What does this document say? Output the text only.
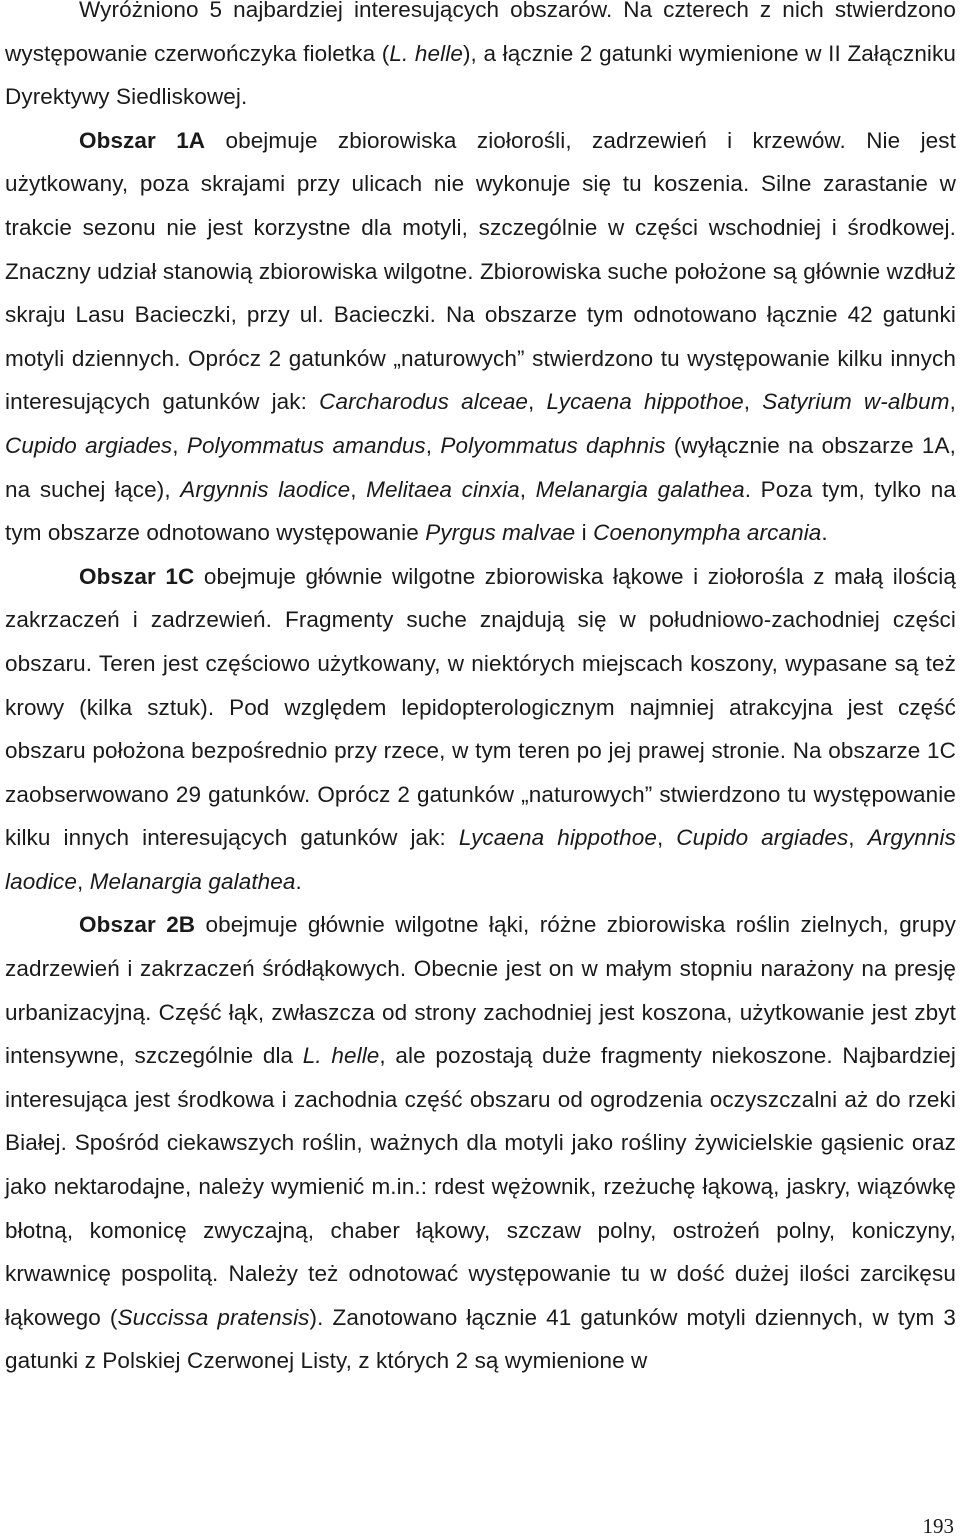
Wyróżniono 5 najbardziej interesujących obszarów. Na czterech z nich stwierdzono występowanie czerwończyka fioletka (L. helle), a łącznie 2 gatunki wymienione w II Załączniku Dyrektywy Siedliskowej.

Obszar 1A obejmuje zbiorowiska ziołorośli, zadrzewień i krzewów. Nie jest użytkowany, poza skrajami przy ulicach nie wykonuje się tu koszenia. Silne zarastanie w trakcie sezonu nie jest korzystne dla motyli, szczególnie w części wschodniej i środkowej. Znaczny udział stanowią zbiorowiska wilgotne. Zbiorowiska suche położone są głównie wzdłuż skraju Lasu Bacieczki, przy ul. Bacieczki. Na obszarze tym odnotowano łącznie 42 gatunki motyli dziennych. Oprócz 2 gatunków „naturowych” stwierdzono tu występowanie kilku innych interesujących gatunków jak: Carcharodus alceae, Lycaena hippothoe, Satyrium w-album, Cupido argiades, Polyommatus amandus, Polyommatus daphnis (wyłącznie na obszarze 1A, na suchej łące), Argynnis laodice, Melitaea cinxia, Melanargia galathea. Poza tym, tylko na tym obszarze odnotowano występowanie Pyrgus malvae i Coenonympha arcania.

Obszar 1C obejmuje głównie wilgotne zbiorowiska łąkowe i ziołorośla z małą ilością zakrzaczeń i zadrzewień. Fragmenty suche znajdują się w południowo-zachodniej części obszaru. Teren jest częściowo użytkowany, w niektórych miejscach koszony, wypasane są też krowy (kilka sztuk). Pod względem lepidopterologicznym najmniej atrakcyjna jest część obszaru położona bezpośrednio przy rzece, w tym teren po jej prawej stronie. Na obszarze 1C zaobserwowano 29 gatunków. Oprócz 2 gatunków „naturowych” stwierdzono tu występowanie kilku innych interesujących gatunków jak: Lycaena hippothoe, Cupido argiades, Argynnis laodice, Melanargia galathea.

Obszar 2B obejmuje głównie wilgotne łąki, różne zbiorowiska roślin zielnych, grupy zadrzewień i zakrzaczeń śródłąkowych. Obecnie jest on w małym stopniu narażony na presję urbanizacyjną. Część łąk, zwłaszcza od strony zachodniej jest koszona, użytkowanie jest zbyt intensywne, szczególnie dla L. helle, ale pozostają duże fragmenty niekoszone. Najbardziej interesująca jest środkowa i zachodnia część obszaru od ogrodzenia oczyszczalni aż do rzeki Białej. Spośród ciekawszych roślin, ważnych dla motyli jako rośliny żywicielskie gąsienic oraz jako nektarodajne, należy wymienić m.in.: rdest wężownik, rzeżuchę łąkową, jaskry, wiązówkę błotną, komonicę zwyczajną, chaber łąkowy, szczaw polny, ostrożeń polny, koniczyny, krwawnicę pospolitą. Należy też odnotować występowanie tu w dość dużej ilości zarcikęsu łąkowego (Succissa pratensis). Zanotowano łącznie 41 gatunków motyli dziennych, w tym 3 gatunki z Polskiej Czerwonej Listy, z których 2 są wymienione w

193
